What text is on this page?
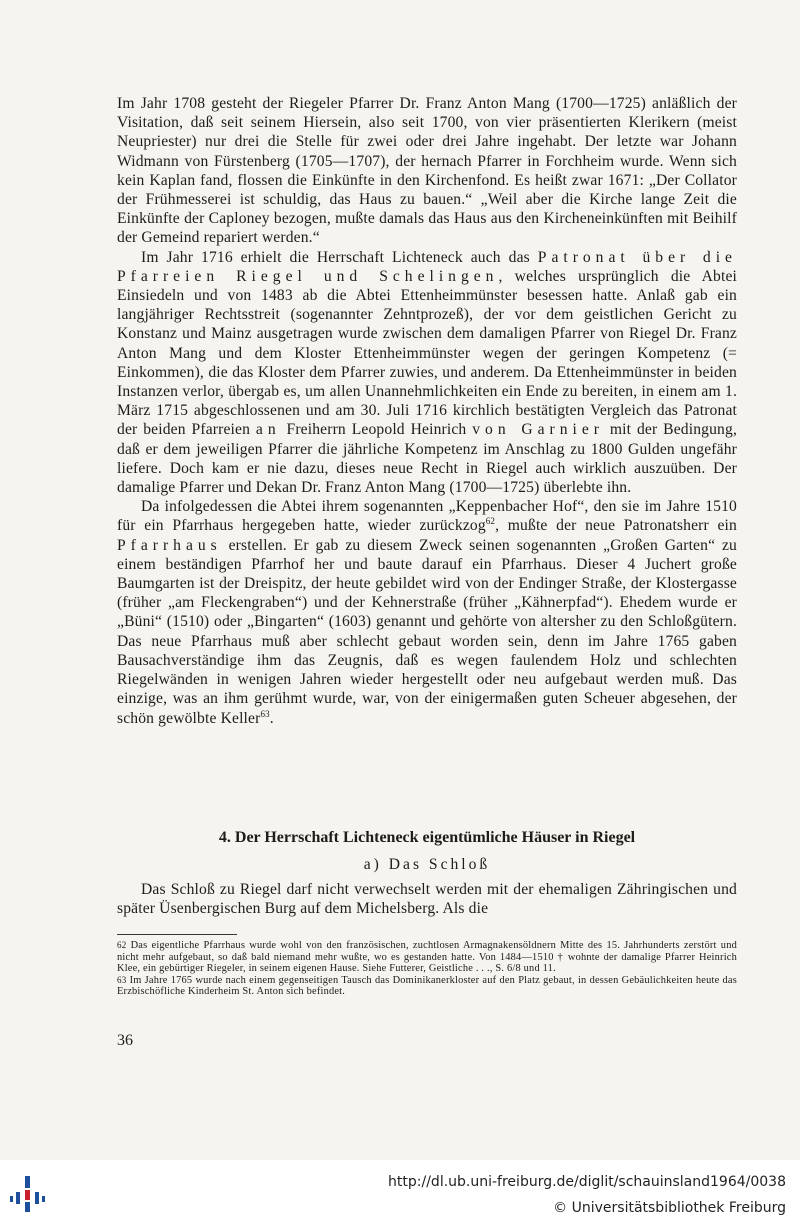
Im Jahr 1708 gesteht der Riegeler Pfarrer Dr. Franz Anton Mang (1700—1725) anläßlich der Visitation, daß seit seinem Hiersein, also seit 1700, von vier präsentierten Klerikern (meist Neupriester) nur drei die Stelle für zwei oder drei Jahre ingehabt. Der letzte war Johann Widmann von Fürstenberg (1705—1707), der hernach Pfarrer in Forchheim wurde. Wenn sich kein Kaplan fand, flossen die Einkünfte in den Kirchenfond. Es heißt zwar 1671: „Der Collator der Frühmesserei ist schuldig, das Haus zu bauen.“ „Weil aber die Kirche lange Zeit die Einkünfte der Caploney bezogen, mußte damals das Haus aus den Kircheneinkünften mit Beihilf der Gemeind repariert werden.“

Im Jahr 1716 erhielt die Herrschaft Lichteneck auch das Patronat über die Pfarreien Riegel und Schelingen, welches ursprünglich die Abtei Einsiedeln und von 1483 ab die Abtei Ettenheimmünster besessen hatte. Anlaß gab ein langjähriger Rechtsstreit (sogenannter Zehntprozeß), der vor dem geistlichen Gericht zu Konstanz und Mainz ausgetragen wurde zwischen dem damaligen Pfarrer von Riegel Dr. Franz Anton Mang und dem Kloster Ettenheimmünster wegen der geringen Kompetenz (= Einkommen), die das Kloster dem Pfarrer zuwies, und anderem. Da Ettenheimmünster in beiden Instanzen verlor, übergab es, um allen Unannehmlichkeiten ein Ende zu bereiten, in einem am 1. März 1715 abgeschlossenen und am 30. Juli 1716 kirchlich bestätigten Vergleich das Patronat der beiden Pfarreien an Freiherrn Leopold Heinrich von Garnier mit der Bedingung, daß er dem jeweiligen Pfarrer die jährliche Kompetenz im Anschlag zu 1800 Gulden ungefähr liefere. Doch kam er nie dazu, dieses neue Recht in Riegel auch wirklich auszuüben. Der damalige Pfarrer und Dekan Dr. Franz Anton Mang (1700—1725) überlebte ihn.

Da infolgedessen die Abtei ihrem sogenannten „Keppenbacher Hof“, den sie im Jahre 1510 für ein Pfarrhaus hergegeben hatte, wieder zurückzog$^{62}$, mußte der neue Patronatsherr ein Pfarrhaus erstellen. Er gab zu diesem Zweck seinen sogenannten „Großen Garten“ zu einem beständigen Pfarrhof her und baute darauf ein Pfarrhaus. Dieser 4 Juchert große Baumgarten ist der Dreispitz, der heute gebildet wird von der Endinger Straße, der Klostergasse (früher „am Fleckengraben“) und der Kehnerstraße (früher „Kähnerpfad“). Ehedem wurde er „Büni“ (1510) oder „Bingarten“ (1603) genannt und gehörte von altersher zu den Schloßgütern. Das neue Pfarrhaus muß aber schlecht gebaut worden sein, denn im Jahre 1765 gaben Bausachverständige ihm das Zeugnis, daß es wegen faulendem Holz und schlechten Riegelwänden in wenigen Jahren wieder hergestellt oder neu aufgebaut werden muß. Das einzige, was an ihm gerühmt wurde, war, von der einigermaßen guten Scheuer abgesehen, der schön gewölbte Keller$^{63}$.

4. Der Herrschaft Lichteneck eigentümliche Häuser in Riegel
a) Das Schloß

Das Schloß zu Riegel darf nicht verwechselt werden mit der ehemaligen Zähringischen und später Üsenbergischen Burg auf dem Michelsberg. Als die

62 Das eigentliche Pfarrhaus wurde wohl von den französischen, zuchtlosen Armagnakensöldnern Mitte des 15. Jahrhunderts zerstört und nicht mehr aufgebaut, so daß bald niemand mehr wußte, wo es gestanden hatte. Von 1484—1510 † wohnte der damalige Pfarrer Heinrich Klee, ein gebürtiger Riegeler, in seinem eigenen Hause. Siehe Futterer, Geistliche . . ., S. 6/8 und 11.

63 Im Jahre 1765 wurde nach einem gegenseitigen Tausch das Dominikanerkloster auf den Platz gebaut, in dessen Gebäulichkeiten heute das Erzbischöfliche Kinderheim St. Anton sich befindet.

36
http://dl.ub.uni-freiburg.de/diglit/schauinsland1964/0038
© Universitätsbibliothek Freiburg
